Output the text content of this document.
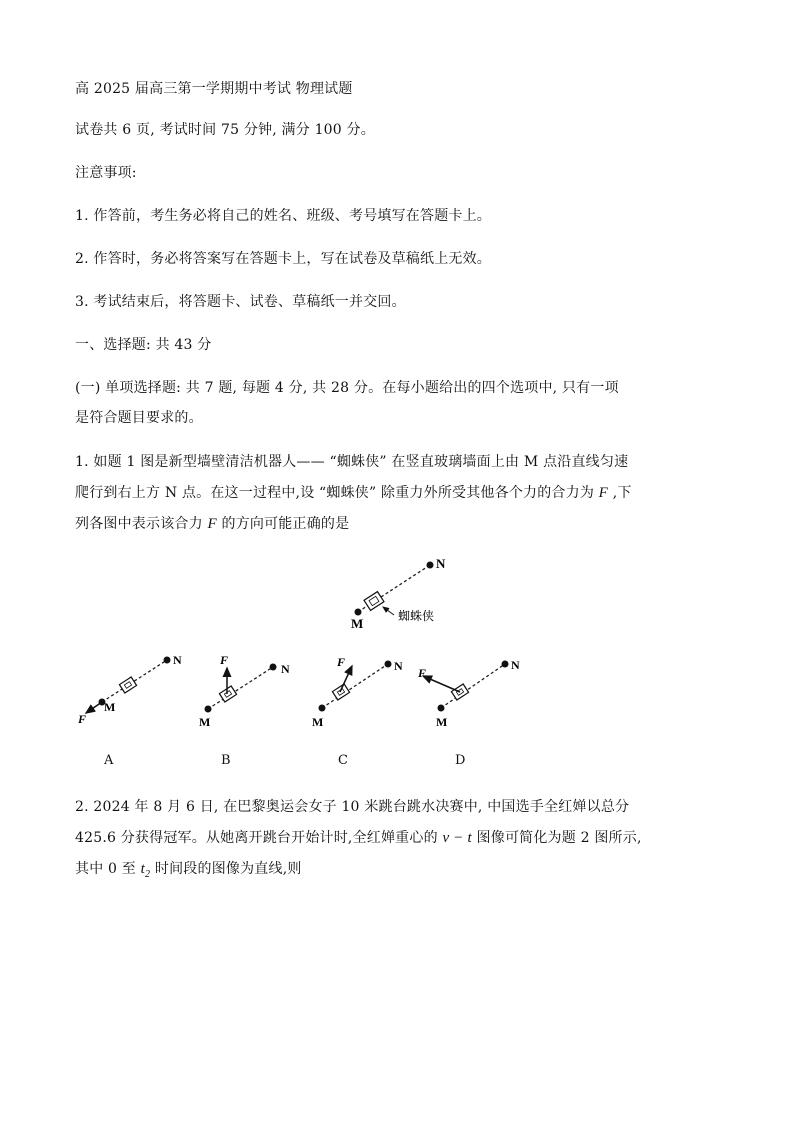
高 2025 届高三第一学期期中考试 物理试题
试卷共 6 页, 考试时间 75 分钟, 满分 100 分。
注意事项:
1. 作答前，考生务必将自己的姓名、班级、考号填写在答题卡上。
2. 作答时，务必将答案写在答题卡上，写在试卷及草稿纸上无效。
3. 考试结束后，将答题卡、试卷、草稿纸一并交回。
一、选择题: 共 43 分
(一) 单项选择题: 共 7 题, 每题 4 分, 共 28 分。在每小题给出的四个选项中, 只有一项
是符合题目要求的。
1. 如题 1 图是新型墙壁清洁机器人—— “蜘蛛侠” 在竖直玻璃墙面上由 M 点沿直线匀速
爬行到右上方 N 点。在这一过程中,设 “蜘蛛侠” 除重力外所受其他各个力的合力为 F ,下
列各图中表示该合力 F 的方向可能正确的是
M
N
蜘蛛侠
F
M
N	F
M
N	F
M
N F
M
N
A	B	C	D
2. 2024 年 8 月 6 日, 在巴黎奥运会女子 10 米跳台跳水决赛中, 中国选手全红婵以总分
425.6 分获得冠军。从她离开跳台开始计时,全红婵重心的 v − t 图像可简化为题 2 图所示,
其中 0 至 $t_2$ 时间段的图像为直线,则
